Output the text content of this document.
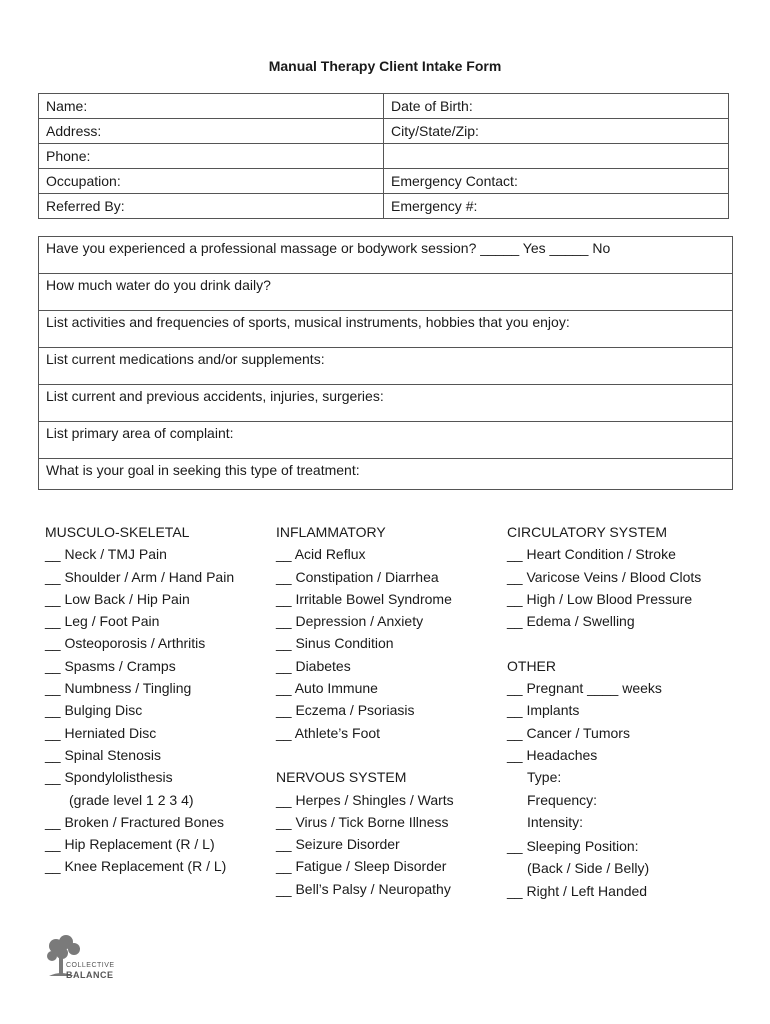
Manual Therapy Client Intake Form
Name:	Date of Birth:
Address:	City/State/Zip:
Phone:	
Occupation:	Emergency Contact:
Referred By:	Emergency #:
Have you experienced a professional massage or bodywork session? _____ Yes _____ No
How much water do you drink daily?
List activities and frequencies of sports, musical instruments, hobbies that you enjoy:
List current medications and/or supplements:
List current and previous accidents, injuries, surgeries:
List primary area of complaint:
What is your goal in seeking this type of treatment:
MUSCULO-SKELETAL
__ Neck / TMJ Pain
__ Shoulder / Arm / Hand Pain
__ Low Back / Hip Pain
__ Leg / Foot Pain
__ Osteoporosis / Arthritis
__ Spasms / Cramps
__ Numbness / Tingling
__ Bulging Disc
__ Herniated Disc
__ Spinal Stenosis
__ Spondylolisthesis
(grade level 1 2 3 4)
__ Broken / Fractured Bones
__ Hip Replacement (R / L)
__ Knee Replacement (R / L)
INFLAMMATORY
__ Acid Reflux
__ Constipation / Diarrhea
__ Irritable Bowel Syndrome
__ Depression / Anxiety
__ Sinus Condition
__ Diabetes
__ Auto Immune
__ Eczema / Psoriasis
__ Athlete’s Foot
NERVOUS SYSTEM
__ Herpes / Shingles / Warts
__ Virus / Tick Borne Illness
__ Seizure Disorder
__ Fatigue / Sleep Disorder
__ Bell’s Palsy / Neuropathy
CIRCULATORY SYSTEM
__ Heart Condition / Stroke
__ Varicose Veins / Blood Clots
__ High / Low Blood Pressure
__ Edema / Swelling
OTHER
__ Pregnant ____ weeks
__ Implants
__ Cancer / Tumors
__ Headaches
Type:
Frequency:
Intensity:
__ Sleeping Position:
(Back / Side / Belly)
__ Right / Left Handed
COLLECTIVE
BALANCE
